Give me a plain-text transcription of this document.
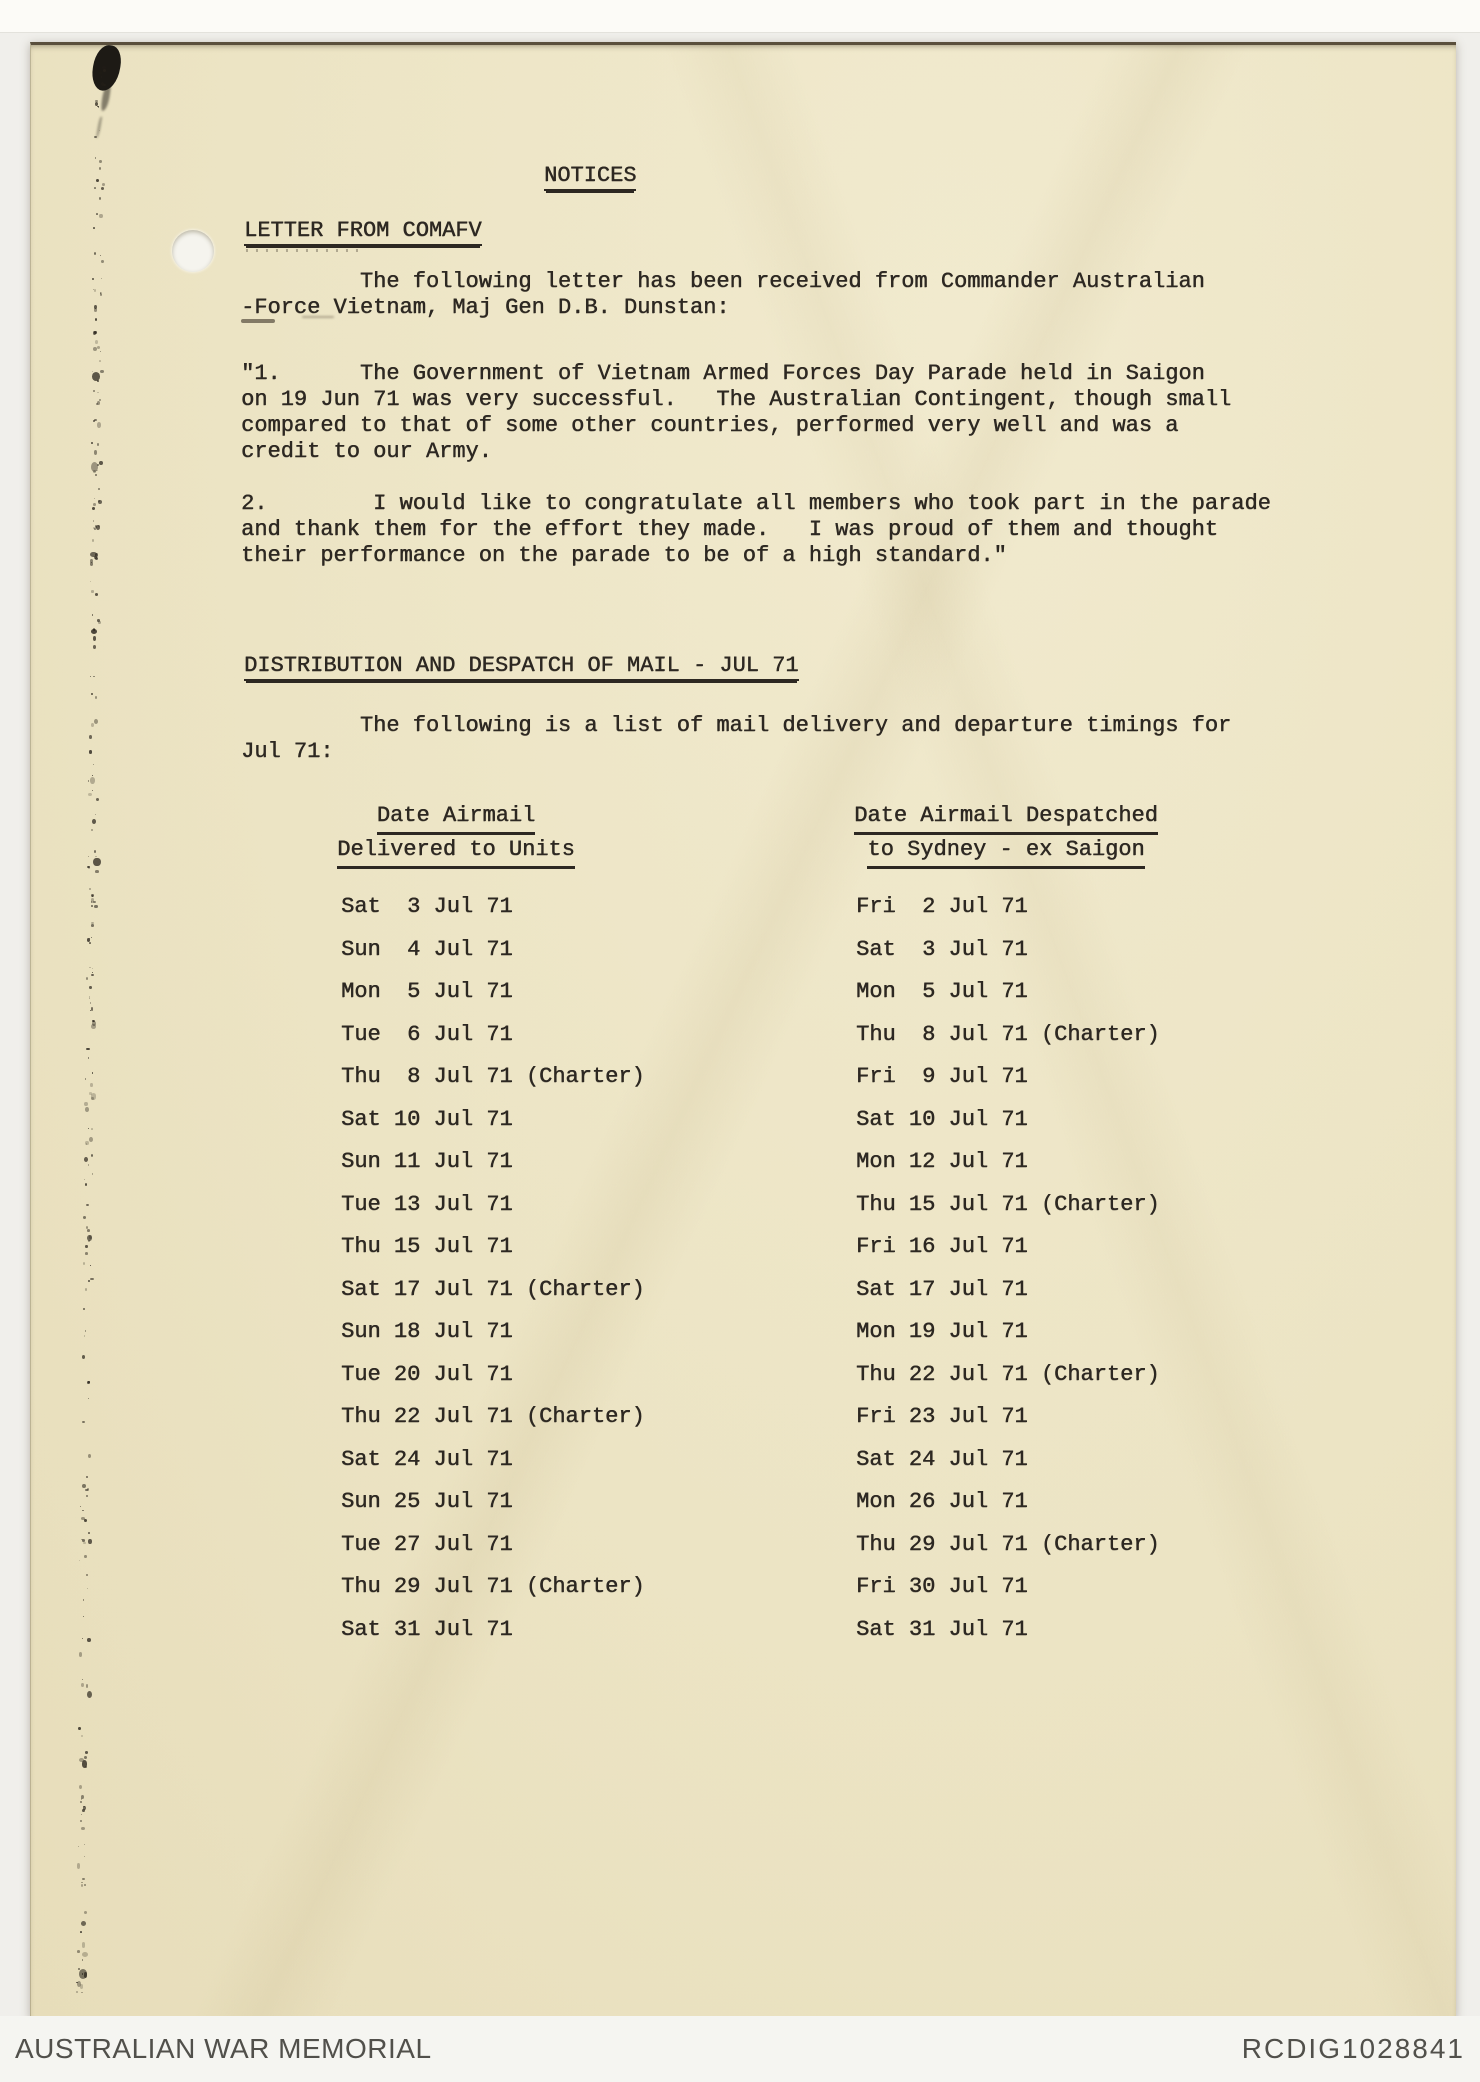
NOTICES
LETTER FROM COMAFV
The following letter has been received from Commander Australian
-Force Vietnam, Maj Gen D.B. Dunstan:
"1.      The Government of Vietnam Armed Forces Day Parade held in Saigon
on 19 Jun 71 was very successful.   The Australian Contingent, though small
compared to that of some other countries, performed very well and was a
credit to our Army.
2.        I would like to congratulate all members who took part in the parade
and thank them for the effort they made.   I was proud of them and thought
their performance on the parade to be of a high standard."
DISTRIBUTION AND DESPATCH OF MAIL - JUL 71
The following is a list of mail delivery and departure timings for
Jul 71:
Date Airmail
Delivered to Units
Date Airmail Despatched
to Sydney - ex Saigon
Sat  3 Jul 71	Fri  2 Jul 71
Sun  4 Jul 71	Sat  3 Jul 71
Mon  5 Jul 71	Mon  5 Jul 71
Tue  6 Jul 71	Thu  8 Jul 71 (Charter)
Thu  8 Jul 71 (Charter)	Fri  9 Jul 71
Sat 10 Jul 71	Sat 10 Jul 71
Sun 11 Jul 71	Mon 12 Jul 71
Tue 13 Jul 71	Thu 15 Jul 71 (Charter)
Thu 15 Jul 71	Fri 16 Jul 71
Sat 17 Jul 71 (Charter)	Sat 17 Jul 71
Sun 18 Jul 71	Mon 19 Jul 71
Tue 20 Jul 71	Thu 22 Jul 71 (Charter)
Thu 22 Jul 71 (Charter)	Fri 23 Jul 71
Sat 24 Jul 71	Sat 24 Jul 71
Sun 25 Jul 71	Mon 26 Jul 71
Tue 27 Jul 71	Thu 29 Jul 71 (Charter)
Thu 29 Jul 71 (Charter)	Fri 30 Jul 71
Sat 31 Jul 71	Sat 31 Jul 71
AUSTRALIAN WAR MEMORIAL	RCDIG1028841
